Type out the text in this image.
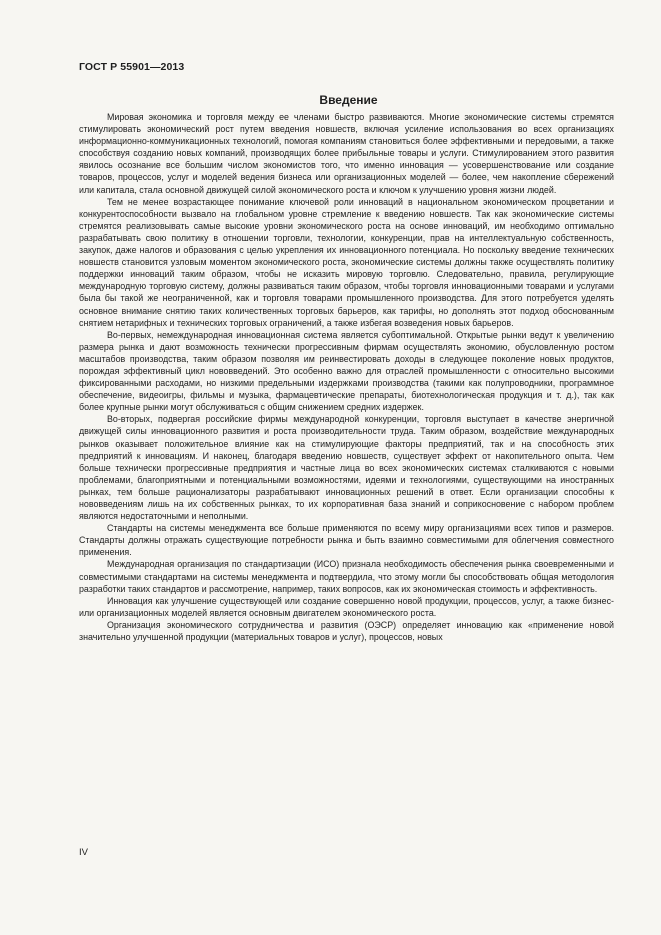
ГОСТ Р 55901—2013
Введение

Мировая экономика и торговля между ее членами быстро развиваются. Многие экономические системы стремятся стимулировать экономический рост путем введения новшеств, включая усиление использования во всех организациях информационно-коммуникационных технологий, помогая компаниям становиться более эффективными и передовыми, а также способствуя созданию новых компаний, производящих более прибыльные товары и услуги. Стимулированием этого развития явилось осознание все большим числом экономистов того, что именно инновация — усовершенствование или создание товаров, процессов, услуг и моделей ведения бизнеса или организационных моделей — более, чем накопление сбережений или капитала, стала основной движущей силой экономического роста и ключом к улучшению уровня жизни людей.

Тем не менее возрастающее понимание ключевой роли инноваций в национальном экономическом процветании и конкурентоспособности вызвало на глобальном уровне стремление к введению новшеств. Так как экономические системы стремятся реализовывать самые высокие уровни экономического роста на основе инноваций, им необходимо оптимально разрабатывать свою политику в отношении торговли, технологии, конкуренции, прав на интеллектуальную собственность, закупок, даже налогов и образования с целью укрепления их инновационного потенциала. Но поскольку введение технических новшеств становится узловым моментом экономического роста, экономические системы должны также осуществлять политику поддержки инноваций таким образом, чтобы не исказить мировую торговлю. Следовательно, правила, регулирующие международную торговую систему, должны развиваться таким образом, чтобы торговля инновационными товарами и услугами была бы такой же неограниченной, как и торговля товарами промышленного производства. Для этого потребуется уделять основное внимание снятию таких количественных торговых барьеров, как тарифы, но дополнять этот подход обоснованным снятием нетарифных и технических торговых ограничений, а также избегая возведения новых барьеров.

Во-первых, немеждународная инновационная система является субоптимальной. Открытые рынки ведут к увеличению размера рынка и дают возможность технически прогрессивным фирмам осуществлять экономию, обусловленную ростом масштабов производства, таким образом позволяя им реинвестировать доходы в следующее поколение новых продуктов, порождая эффективный цикл нововведений. Это особенно важно для отраслей промышленности с относительно высокими фиксированными расходами, но низкими предельными издержками производства (такими как полупроводники, программное обеспечение, видеоигры, фильмы и музыка, фармацевтические препараты, биотехнологическая продукция и т. д.), так как более крупные рынки могут обслуживаться с общим снижением средних издержек.

Во-вторых, подвергая российские фирмы международной конкуренции, торговля выступает в качестве энергичной движущей силы инновационного развития и роста производительности труда. Таким образом, воздействие международных рынков оказывает положительное влияние как на стимулирующие факторы предприятий, так и на способность этих предприятий к инновациям. И наконец, благодаря введению новшеств, существует эффект от накопительного опыта. Чем больше технически прогрессивные предприятия и частные лица во всех экономических системах сталкиваются с новыми проблемами, благоприятными и потенциальными возможностями, идеями и технологиями, существующими на иностранных рынках, тем больше рационализаторы разрабатывают инновационных решений в ответ. Если организации способны к нововведениям лишь на их собственных рынках, то их корпоративная база знаний и соприкосновение с набором проблем являются недостаточными и неполными.

Стандарты на системы менеджмента все больше применяются по всему миру организациями всех типов и размеров. Стандарты должны отражать существующие потребности рынка и быть взаимно совместимыми для облегчения совместного применения.

Международная организация по стандартизации (ИСО) признала необходимость обеспечения рынка своевременными и совместимыми стандартами на системы менеджмента и подтвердила, что этому могли бы способствовать общая методология разработки таких стандартов и рассмотрение, например, таких вопросов, как их экономическая стоимость и эффективность.

Инновация как улучшение существующей или создание совершенно новой продукции, процессов, услуг, а также бизнес- или организационных моделей является основным двигателем экономического роста.

Организация экономического сотрудничества и развития (ОЭСР) определяет инновацию как «применение новой значительно улучшенной продукции (материальных товаров и услуг), процессов, новых

IV
